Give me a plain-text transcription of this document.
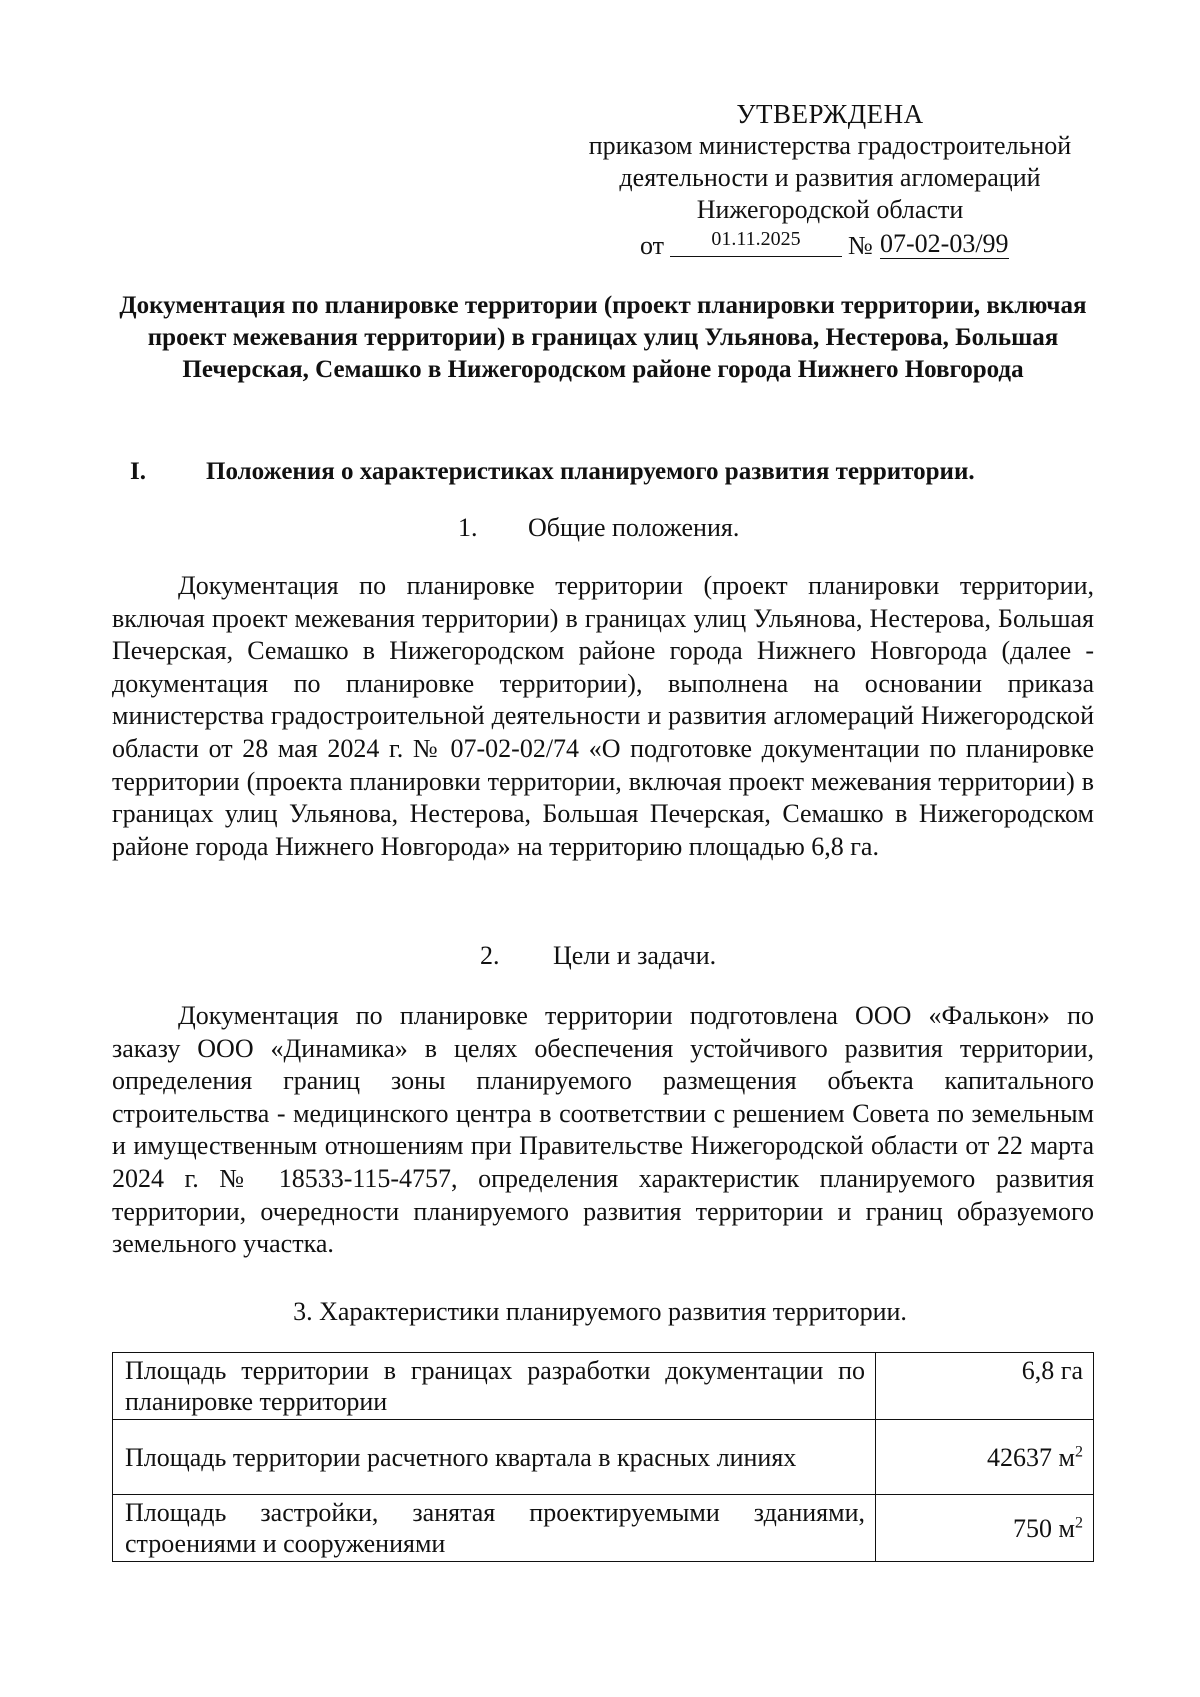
УТВЕРЖДЕНА
приказом министерства градостроительной
деятельности и развития агломераций
Нижегородской области
от	01.11.2025	№ 07-02-03/99
Документация по планировке территории (проект планировки территории, включая проект межевания территории) в границах улиц Ульянова, Нестерова, Большая Печерская, Семашко в Нижегородском районе города Нижнего Новгорода
I. Положения о характеристиках планируемого развития территории.
1. Общие положения.
Документация по планировке территории (проект планировки территории, включая проект межевания территории) в границах улиц Ульянова, Нестерова, Большая Печерская, Семашко в Нижегородском районе города Нижнего Новгорода (далее - документация по планировке территории), выполнена на основании приказа министерства градостроительной деятельности и развития агломераций Нижегородской области от 28 мая 2024 г. № 07-02-02/74 «О подготовке документации по планировке территории (проекта планировки территории, включая проект межевания территории) в границах улиц Ульянова, Нестерова, Большая Печерская, Семашко в Нижегородском районе города Нижнего Новгорода» на территорию площадью 6,8 га.
2. Цели и задачи.
Документация по планировке территории подготовлена ООО «Фалькон» по заказу ООО «Динамика» в целях обеспечения устойчивого развития территории, определения границ зоны планируемого размещения объекта капитального строительства - медицинского центра в соответствии с решением Совета по земельным и имущественным отношениям при Правительстве Нижегородской области от 22 марта 2024 г. № 18533-115-4757, определения характеристик планируемого развития территории, очередности планируемого развития территории и границ образуемого земельного участка.
3. Характеристики планируемого развития территории.
Площадь территории в границах разработки документации по планировке территории	6,8 га
Площадь территории расчетного квартала в красных линиях	42637 $м^2$
Площадь застройки, занятая проектируемыми зданиями, строениями и сооружениями	750 $м^2$
